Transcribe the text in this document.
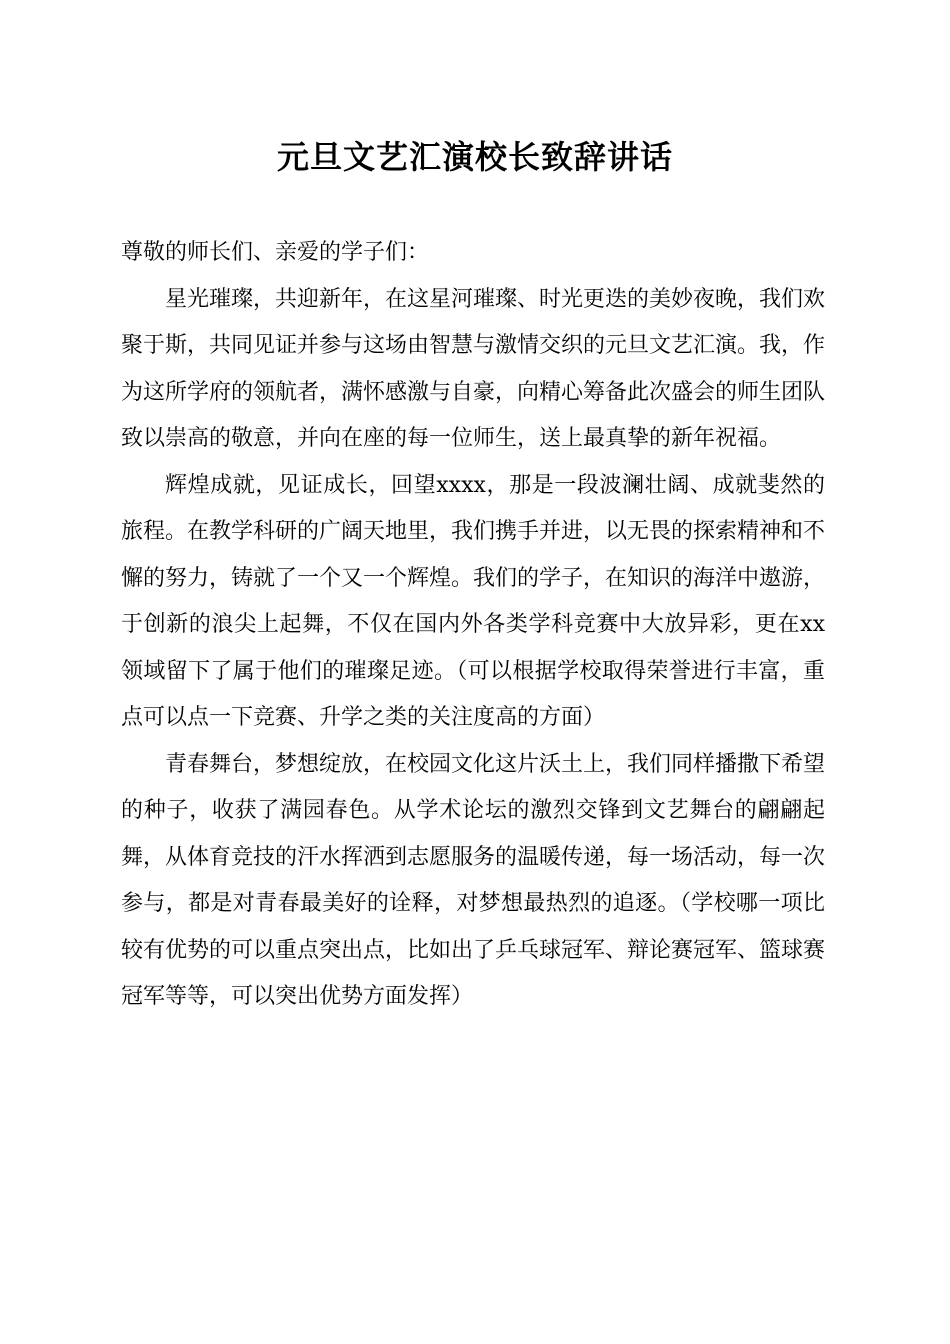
元旦文艺汇演校长致辞讲话

尊敬的师长们、亲爱的学子们：

星光璀璨，共迎新年，在这星河璀璨、时光更迭的美妙夜晚，我们欢聚于斯，共同见证并参与这场由智慧与激情交织的元旦文艺汇演。我，作为这所学府的领航者，满怀感激与自豪，向精心筹备此次盛会的师生团队致以崇高的敬意，并向在座的每一位师生，送上最真挚的新年祝福。

辉煌成就，见证成长，回望xxxx，那是一段波澜壮阔、成就斐然的旅程。在教学科研的广阔天地里，我们携手并进，以无畏的探索精神和不懈的努力，铸就了一个又一个辉煌。我们的学子，在知识的海洋中遨游，于创新的浪尖上起舞，不仅在国内外各类学科竞赛中大放异彩，更在xx领域留下了属于他们的璀璨足迹。（可以根据学校取得荣誉进行丰富，重点可以点一下竞赛、升学之类的关注度高的方面）

青春舞台，梦想绽放，在校园文化这片沃土上，我们同样播撒下希望的种子，收获了满园春色。从学术论坛的激烈交锋到文艺舞台的翩翩起舞，从体育竞技的汗水挥洒到志愿服务的温暖传递，每一场活动，每一次参与，都是对青春最美好的诠释，对梦想最热烈的追逐。（学校哪一项比较有优势的可以重点突出点，比如出了乒乓球冠军、辩论赛冠军、篮球赛冠军等等，可以突出优势方面发挥）
